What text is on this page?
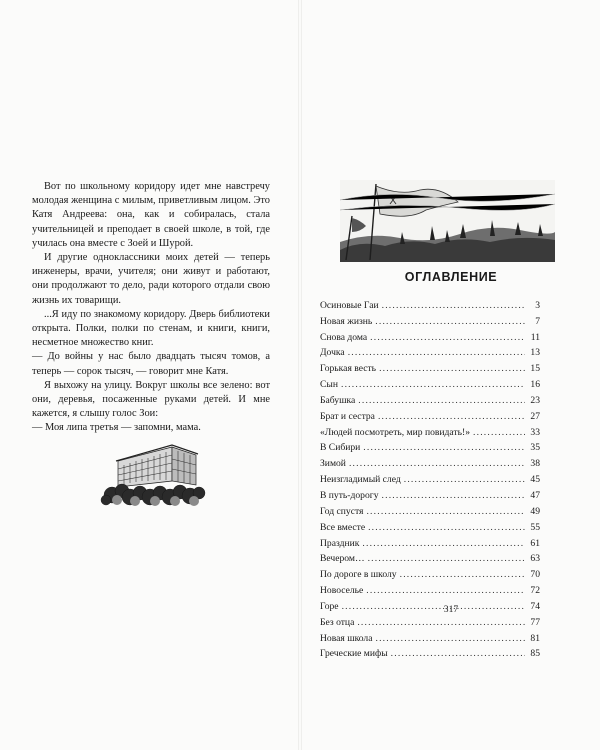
Вот по школьному коридору идет мне навстречу молодая женщина с милым, приветливым лицом. Это Катя Андреева: она, как и собиралась, стала учительницей и преподает в своей школе, в той, где училась она вместе с Зоей и Шурой.

И другие одноклассники моих детей — теперь инженеры, врачи, учителя; они живут и работают, они продолжают то дело, ради которого отдали свою жизнь их товарищи.

...Я иду по знакомому коридору. Дверь библиотеки открыта. Полки, полки по стенам, и книги, книги, несметное множество книг.

— До войны у нас было двадцать тысяч томов, а теперь — сорок тысяч, — говорит мне Катя.

Я выхожу на улицу. Вокруг школы все зелено: вот они, деревья, посаженные руками детей. И мне кажется, я слышу голос Зои:

— Моя липа третья — запомни, мама.

ОГЛАВЛЕНИЕ
Осиновые Гаи .....	3
Новая жизнь .....	7
Снова дома .....	11
Дочка .....	13
Горькая весть .....	15
Сын .....	16
Бабушка .....	23
Брат и сестра .....	27
«Людей посмотреть, мир повидать!» .....	33
В Сибири .....	35
Зимой .....	38
Неизгладимый след .....	45
В путь-дорогу .....	47
Год спустя .....	49
Все вместе .....	55
Праздник .....	61
Вечером… .....	63
По дороге в школу .....	70
Новоселье .....	72
Горе .....	74
Без отца .....	77
Новая школа .....	81
Греческие мифы .....	85
317
